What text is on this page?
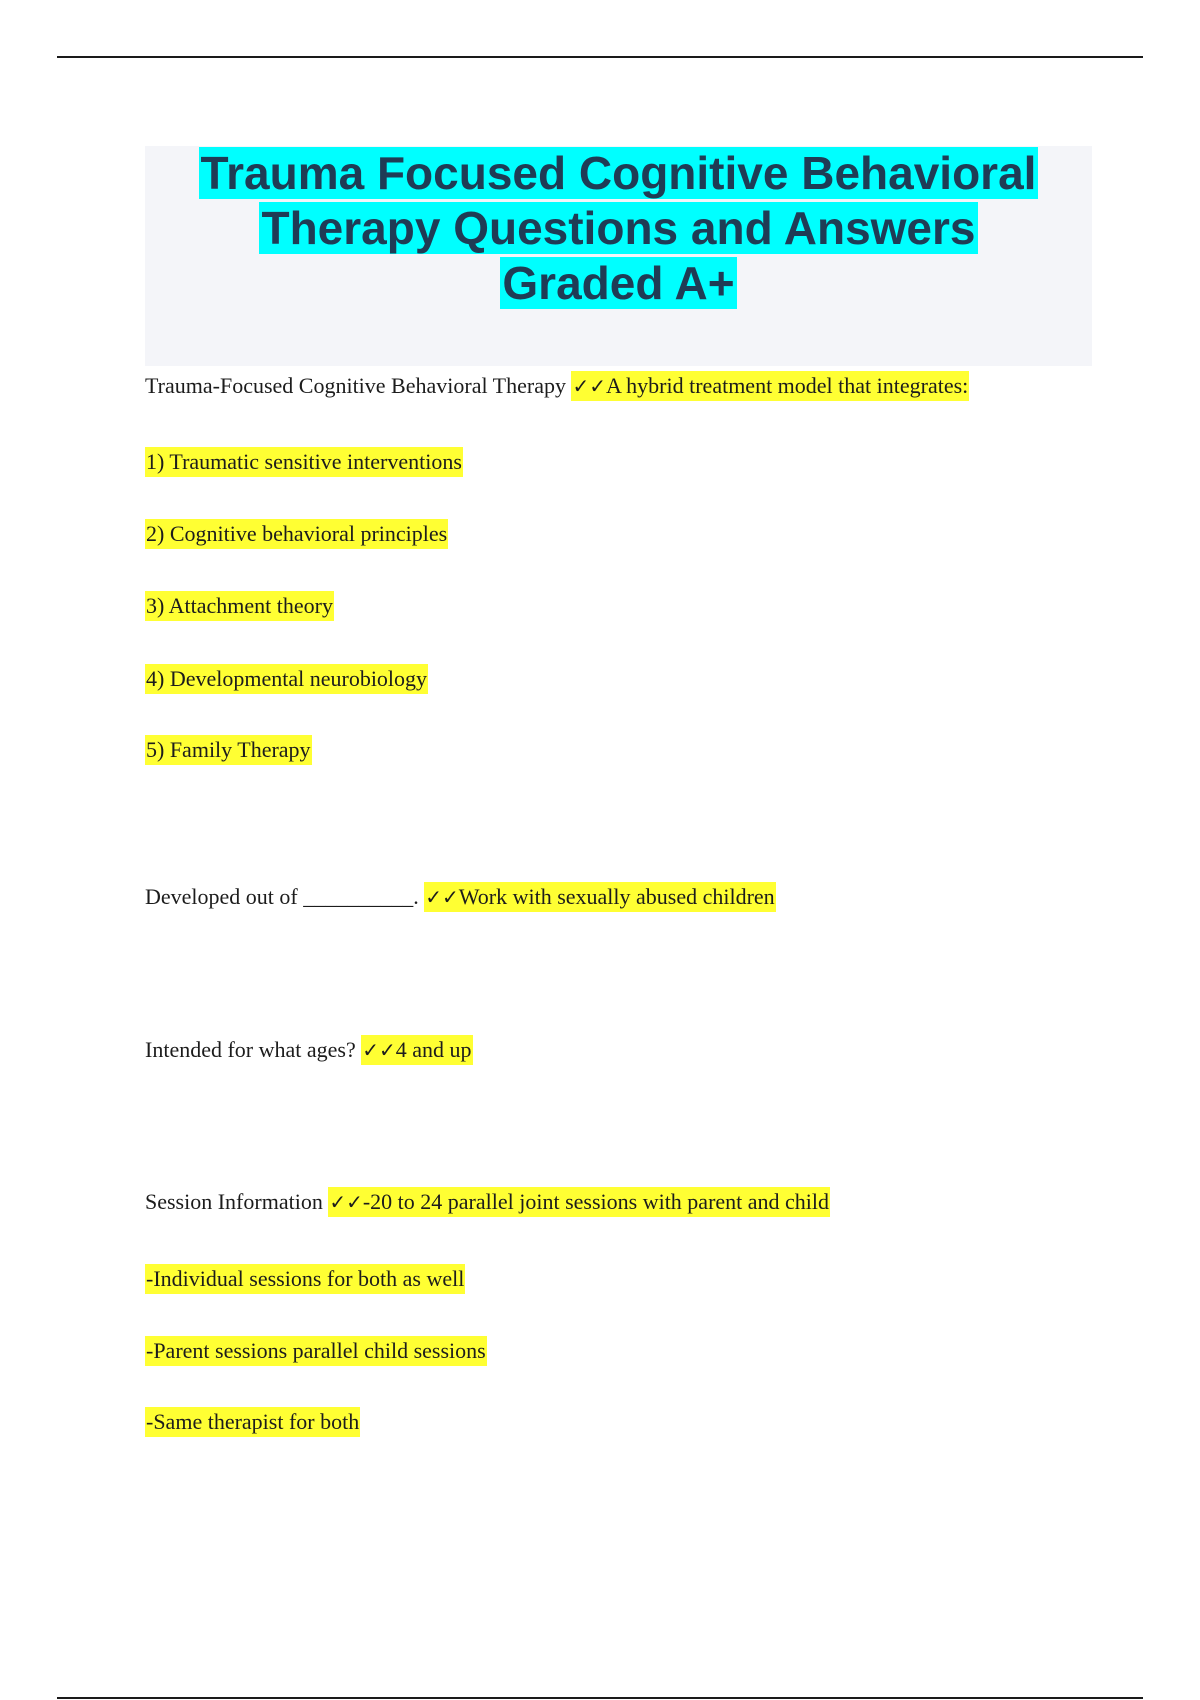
Trauma Focused Cognitive Behavioral
Therapy Questions and Answers
Graded A+
Trauma-Focused Cognitive Behavioral Therapy ✓✓A hybrid treatment model that integrates:
1) Traumatic sensitive interventions
2) Cognitive behavioral principles
3) Attachment theory
4) Developmental neurobiology
5) Family Therapy
Developed out of __________. ✓✓Work with sexually abused children
Intended for what ages? ✓✓4 and up
Session Information ✓✓-20 to 24 parallel joint sessions with parent and child
-Individual sessions for both as well
-Parent sessions parallel child sessions
-Same therapist for both
